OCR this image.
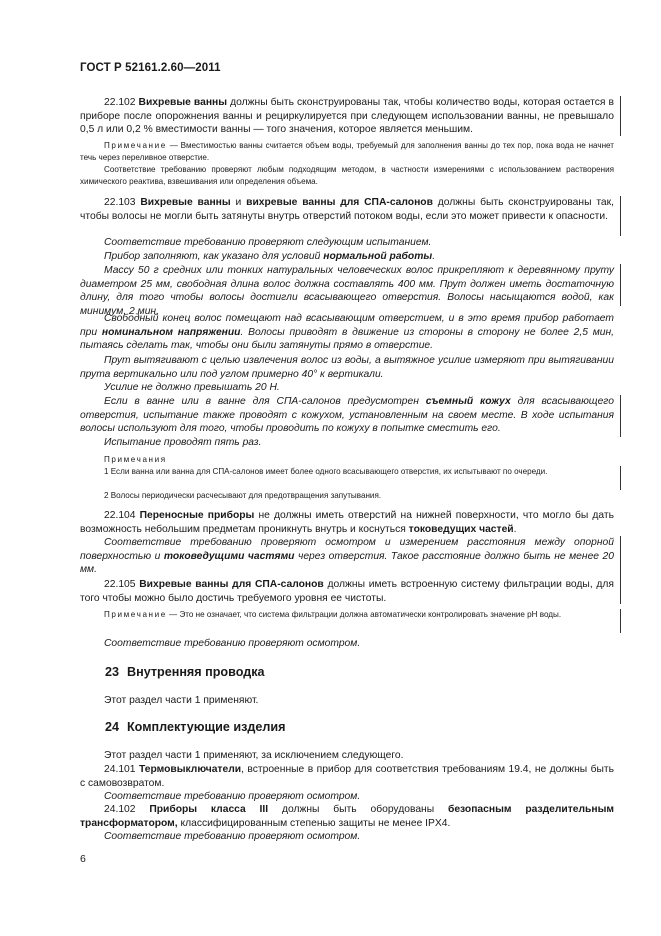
ГОСТ Р 52161.2.60—2011

22.102 Вихревые ванны должны быть сконструированы так, чтобы количество воды, которая остается в приборе после опорожнения ванны и рециркулируется при следующем использовании ванны, не превышало 0,5 л или 0,2 % вместимости ванны — того значения, которое является меньшим.

Примечание — Вместимостью ванны считается объем воды, требуемый для заполнения ванны до тех пор, пока вода не начнет течь через переливное отверстие.

Соответствие требованию проверяют любым подходящим методом, в частности измерениями с использованием растворения химического реактива, взвешивания или определения объема.

22.103 Вихревые ванны и вихревые ванны для СПА-салонов должны быть сконструированы так, чтобы волосы не могли быть затянуты внутрь отверстий потоком воды, если это может привести к опасности.

Соответствие требованию проверяют следующим испытанием.

Прибор заполняют, как указано для условий нормальной работы.

Массу 50 г средних или тонких натуральных человеческих волос прикрепляют к деревянному пруту диаметром 25 мм, свободная длина волос должна составлять 400 мм. Прут должен иметь достаточную длину, для того чтобы волосы достигли всасывающего отверстия. Волосы насыщаются водой, как минимум, 2 мин.

Свободный конец волос помещают над всасывающим отверстием, и в это время прибор работает при номинальном напряжении. Волосы приводят в движение из стороны в сторону не более 2,5 мин, пытаясь сделать так, чтобы они были затянуты прямо в отверстие.

Прут вытягивают с целью извлечения волос из воды, а вытяжное усилие измеряют при вытягивании прута вертикально или под углом примерно 40° к вертикали.

Усилие не должно превышать 20 Н.

Если в ванне или в ванне для СПА-салонов предусмотрен съемный кожух для всасывающего отверстия, испытание также проводят с кожухом, установленным на своем месте. В ходе испытания волосы используют для того, чтобы проводить по кожуху в попытке сместить его.

Испытание проводят пять раз.

Примечания

1 Если ванна или ванна для СПА-салонов имеет более одного всасывающего отверстия, их испытывают по очереди.

2 Волосы периодически расчесывают для предотвращения запутывания.

22.104 Переносные приборы не должны иметь отверстий на нижней поверхности, что могло бы дать возможность небольшим предметам проникнуть внутрь и коснуться токоведущих частей.

Соответствие требованию проверяют осмотром и измерением расстояния между опорной поверхностью и токоведущими частями через отверстия. Такое расстояние должно быть не менее 20 мм.

22.105 Вихревые ванны для СПА-салонов должны иметь встроенную систему фильтрации воды, для того чтобы можно было достичь требуемого уровня ее чистоты.

Примечание — Это не означает, что система фильтрации должна автоматически контролировать значение рН воды.

Соответствие требованию проверяют осмотром.

23 Внутренняя проводка

Этот раздел части 1 применяют.

24 Комплектующие изделия

Этот раздел части 1 применяют, за исключением следующего.

24.101 Термовыключатели, встроенные в прибор для соответствия требованиям 19.4, не должны быть с самовозвратом.

Соответствие требованию проверяют осмотром.

24.102 Приборы класса III должны быть оборудованы безопасным разделительным трансформатором, классифицированным степенью защиты не менее IPX4.

Соответствие требованию проверяют осмотром.

6
